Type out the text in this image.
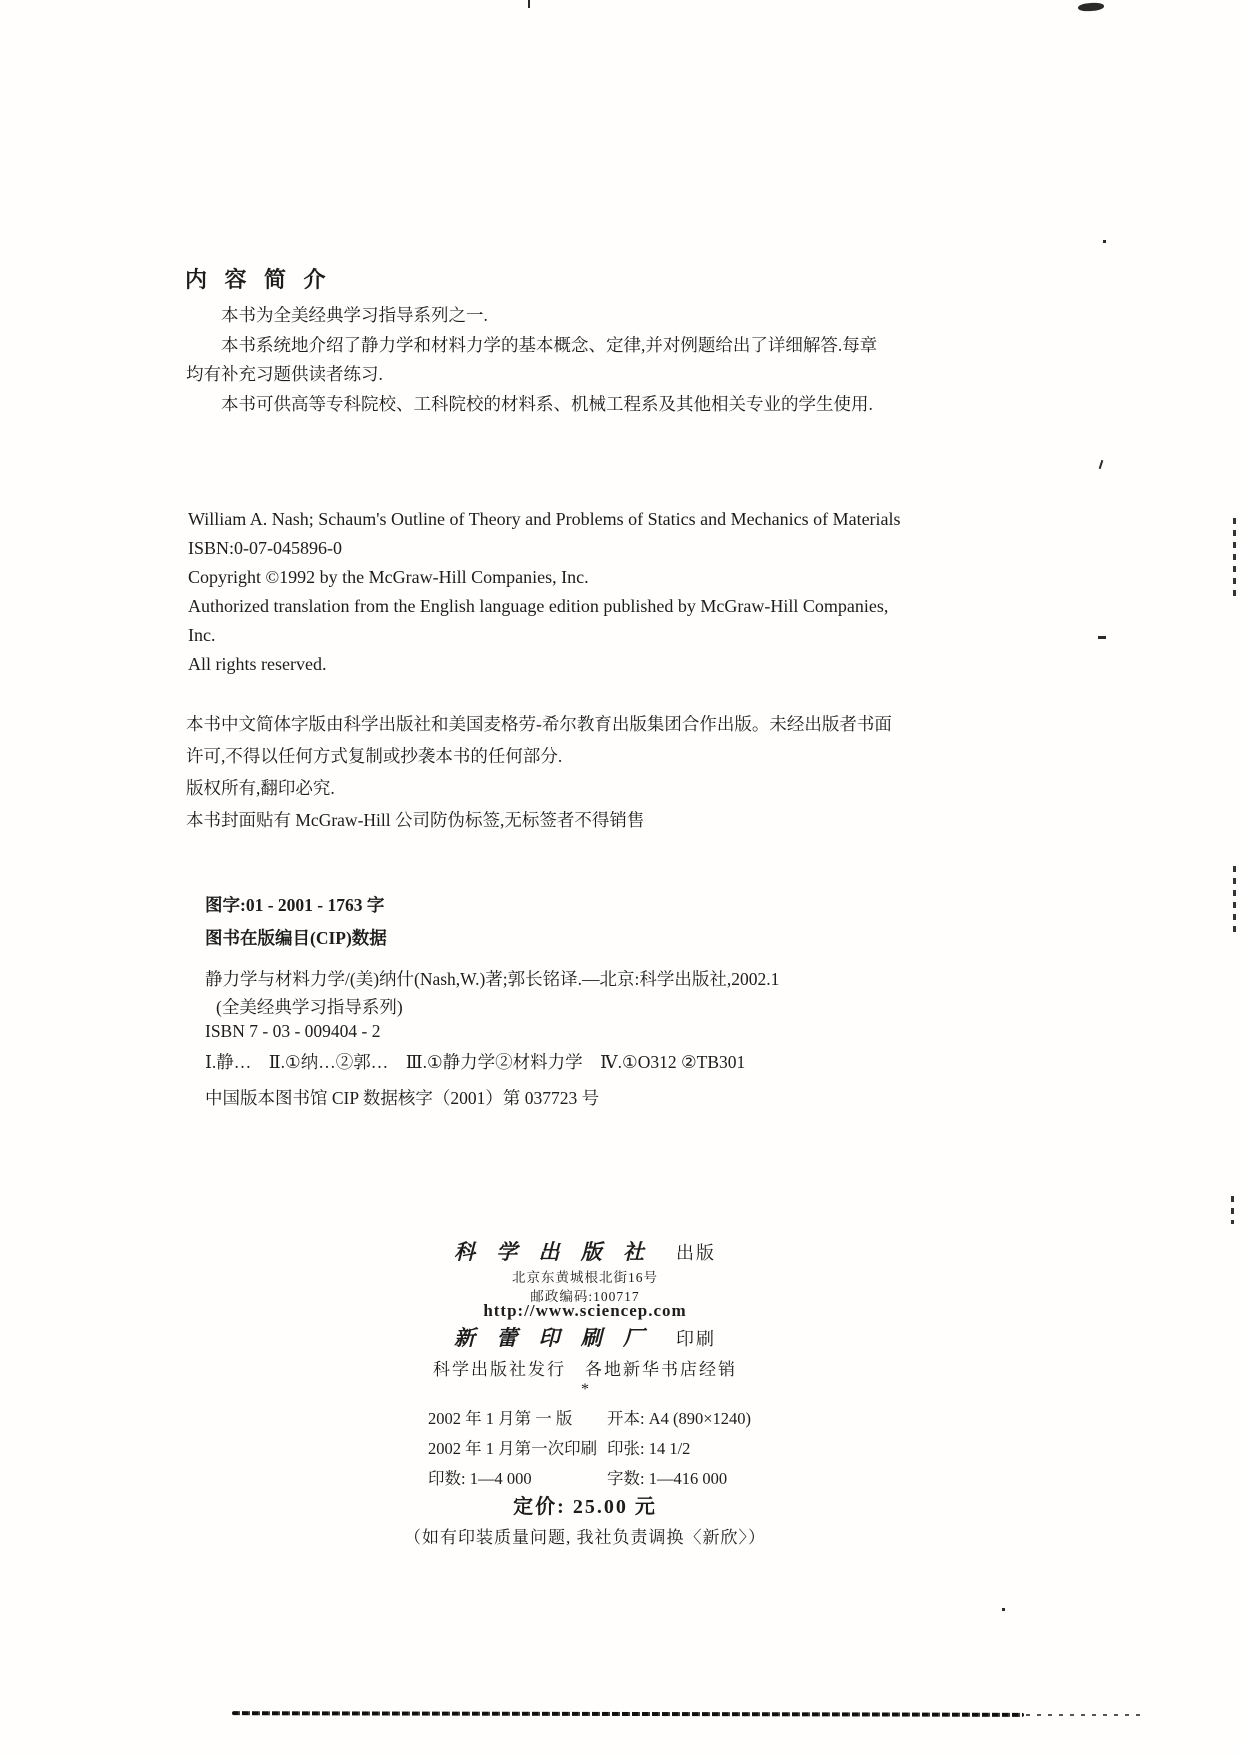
内 容 简 介

本书为全美经典学习指导系列之一.

本书系统地介绍了静力学和材料力学的基本概念、定律,并对例题给出了详细解答.每章均有补充习题供读者练习.

本书可供高等专科院校、工科院校的材料系、机械工程系及其他相关专业的学生使用.

William A. Nash; Schaum's Outline of Theory and Problems of Statics and Mechanics of Materials
ISBN:0-07-045896-0
Copyright ©1992 by the McGraw-Hill Companies, Inc.
Authorized translation from the English language edition published by McGraw-Hill Companies,
Inc.
All rights reserved.

本书中文简体字版由科学出版社和美国麦格劳-希尔教育出版集团合作出版。未经出版者书面许可,不得以任何方式复制或抄袭本书的任何部分.

版权所有,翻印必究.

本书封面贴有 McGraw-Hill 公司防伪标签,无标签者不得销售

图字:01 - 2001 - 1763 字
图书在版编目(CIP)数据
静力学与材料力学/(美)纳什(Nash,W.)著;郭长铭译.—北京:科学出版社,2002.1
(全美经典学习指导系列)
ISBN 7 - 03 - 009404 - 2
Ⅰ.静…　Ⅱ.①纳…②郭…　Ⅲ.①静力学②材料力学　Ⅳ.①O312 ②TB301
中国版本图书馆 CIP 数据核字（2001）第 037723 号
科 学 出 版 社 出版
北京东黄城根北街16号
邮政编码:100717
http://www.sciencep.com
新 蕾 印 刷 厂 印刷
科学出版社发行　各地新华书店经销
*
2002 年 1 月第 一 版
2002 年 1 月第一次印刷
印数: 1—4 000
开本: A4 (890×1240)
印张: 14 1/2
字数: 1—416 000
定价: 25.00 元
（如有印装质量问题, 我社负责调换〈新欣〉）
